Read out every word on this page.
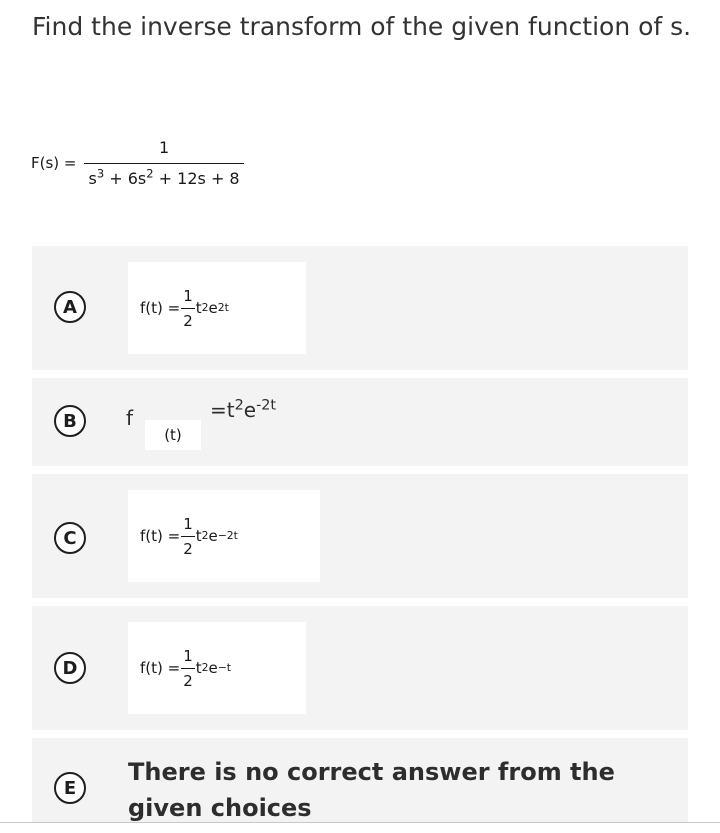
Find the inverse transform of the given function of s.
$F(s) = \frac{1}{s^3 + 6s^2 + 12s + 8}$
A	$f(t) = \frac{1}{2}$ t 2 e 2t
B	f
(t)
$=t^2e^{-2t}$
C	$f(t) = \frac{1}{2}$ t 2 e −2t
D	$f(t) = \frac{1}{2}$ t 2 e −t
E
There is no correct answer from the given choices
